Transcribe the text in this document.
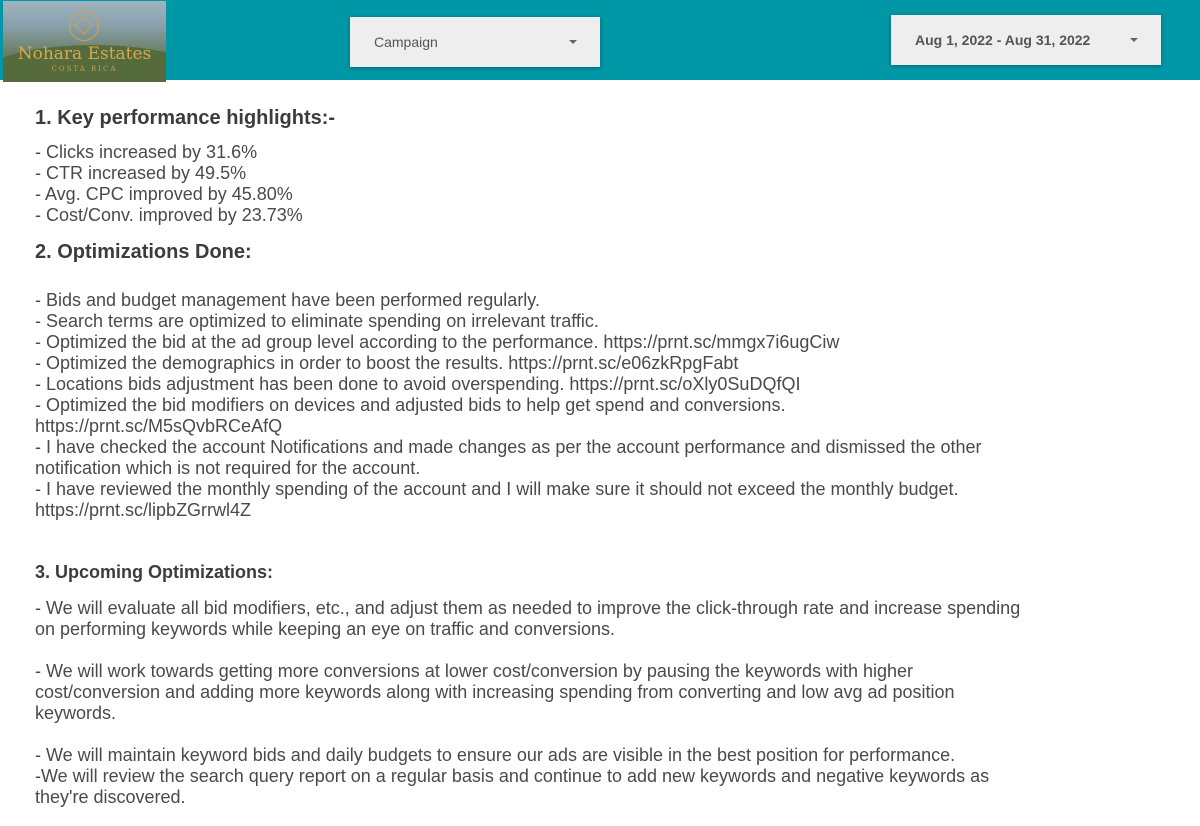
Nohara Estates
COSTA RICA
Campaign	Aug 1, 2022 - Aug 31, 2022

1. Key performance highlights:-

- Clicks increased by 31.6%

- CTR increased by 49.5%

- Avg. CPC improved by 45.80%

- Cost/Conv. improved by 23.73%

2. Optimizations Done:

- Bids and budget management have been performed regularly.

- Search terms are optimized to eliminate spending on irrelevant traffic.

- Optimized the bid at the ad group level according to the performance. https://prnt.sc/mmgx7i6ugCiw

- Optimized the demographics in order to boost the results. https://prnt.sc/e06zkRpgFabt

- Locations bids adjustment has been done to avoid overspending. https://prnt.sc/oXly0SuDQfQI

- Optimized the bid modifiers on devices and adjusted bids to help get spend and conversions.

https://prnt.sc/M5sQvbRCeAfQ

- I have checked the account Notifications and made changes as per the account performance and dismissed the other

notification which is not required for the account.

- I have reviewed the monthly spending of the account and I will make sure it should not exceed the monthly budget.

https://prnt.sc/lipbZGrrwl4Z

3. Upcoming Optimizations:

- We will evaluate all bid modifiers, etc., and adjust them as needed to improve the click-through rate and increase spending

on performing keywords while keeping an eye on traffic and conversions.

- We will work towards getting more conversions at lower cost/conversion by pausing the keywords with higher

cost/conversion and adding more keywords along with increasing spending from converting and low avg ad position

keywords.

- We will maintain keyword bids and daily budgets to ensure our ads are visible in the best position for performance.

-We will review the search query report on a regular basis and continue to add new keywords and negative keywords as

they're discovered.
